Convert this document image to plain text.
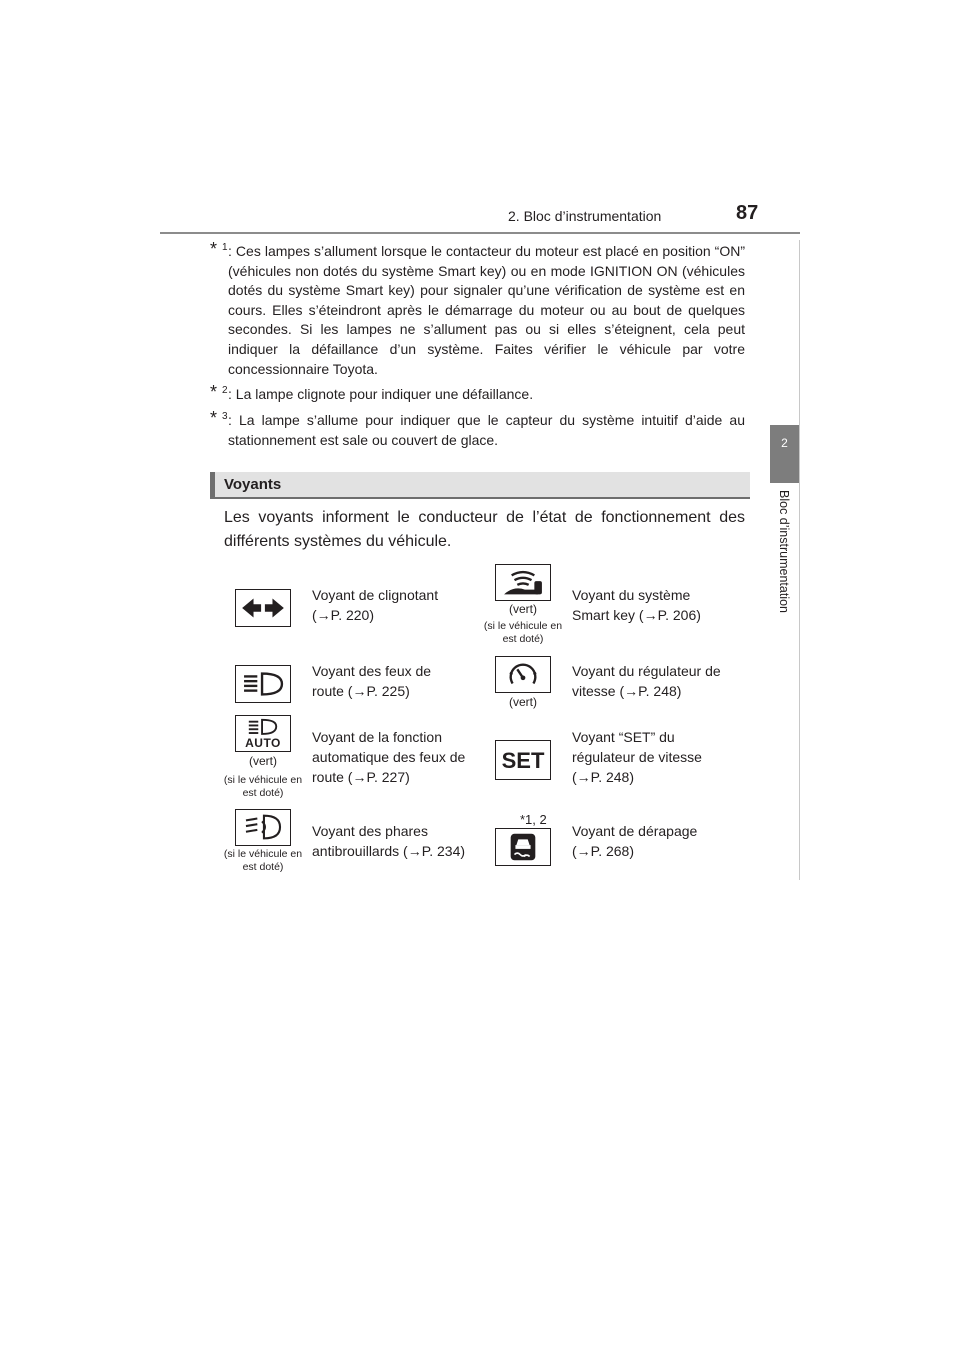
2. Bloc d’instrumentation	87
2
Bloc d’instrumentation
* 1 : Ces lampes s’allument lorsque le contacteur du moteur est placé en position “ON” (véhicules non dotés du système Smart key) ou en mode IGNITION ON (véhicules dotés du système Smart key) pour signaler qu’une vérification de système est en cours. Elles s’éteindront après le démarrage du moteur ou au bout de quelques secondes. Si les lampes ne s’allument pas ou si elles s’éteignent, cela peut indiquer la défaillance d’un système. Faites vérifier le véhicule par votre concessionnaire Toyota.
* 2 : La lampe clignote pour indiquer une défaillance.
* 3 : La lampe s’allume pour indiquer que le capteur du système intuitif d’aide au stationnement est sale ou couvert de glace.
Voyants
Les voyants informent le conducteur de l’état de fonctionnement des différents systèmes du véhicule.
Voyant de clignotant
(→P. 220)	(vert)
(si le véhicule en est doté)
Voyant du système
Smart key (→P. 206)
Voyant des feux de
route (→P. 225)
(vert)
Voyant du régulateur de
vitesse (→P. 248)
AUTO
(vert)
(si le véhicule en est doté)
Voyant de la fonction
automatique des feux de
route (→P. 227)
SET
Voyant “SET” du
régulateur de vitesse
(→P. 248)
(si le véhicule en est doté)
Voyant des phares
antibrouillards (→P. 234)
*1, 2
Voyant de dérapage
(→P. 268)
